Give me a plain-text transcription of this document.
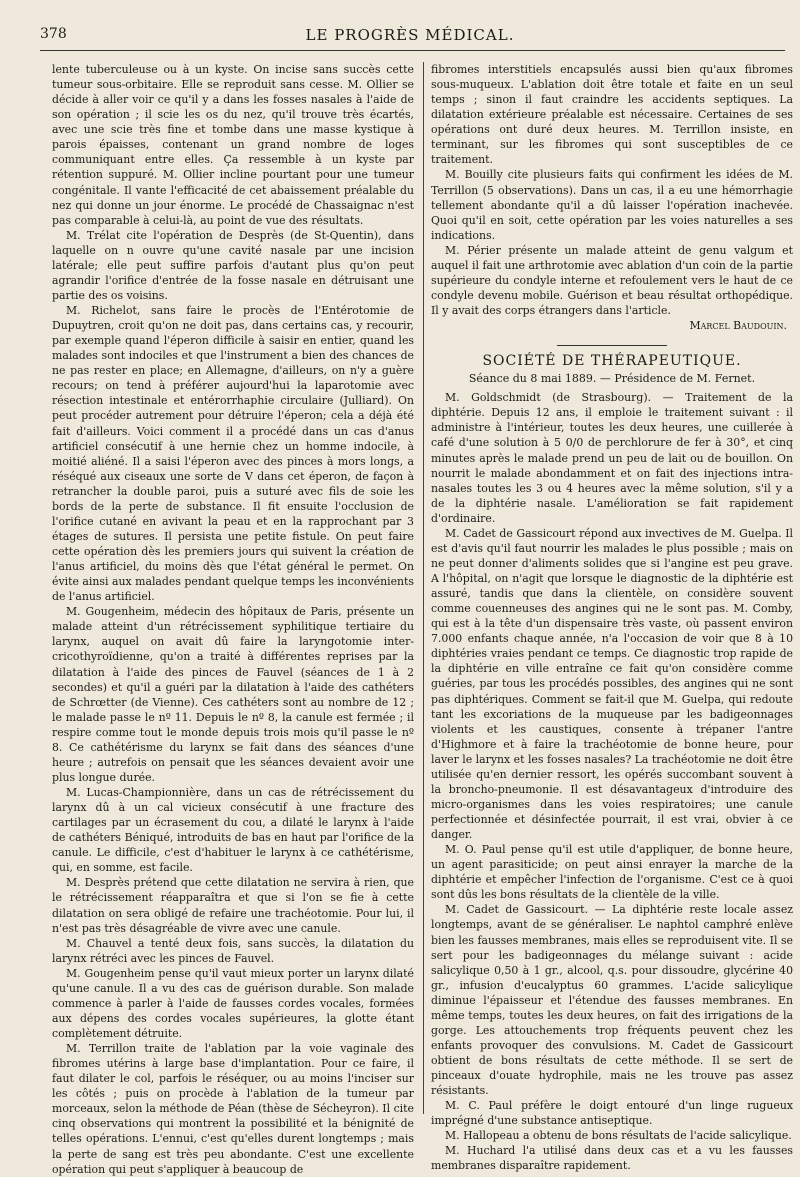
378	LE PROGRÈS MÉDICAL.

lente tuberculeuse ou à un kyste. On incise sans succès cette tumeur sous-orbitaire. Elle se reproduit sans cesse. M. Ollier se décide à aller voir ce qu'il y a dans les fosses nasales à l'aide de son opération ; il scie les os du nez, qu'il trouve très écartés, avec une scie très fine et tombe dans une masse kystique à parois épaisses, contenant un grand nombre de loges communiquant entre elles. Ça ressemble à un kyste par rétention suppuré. M. Ollier incline pourtant pour une tumeur congénitale. Il vante l'efficacité de cet abaissement préalable du nez qui donne un jour énorme. Le procédé de Chassaignac n'est pas comparable à celui-là, au point de vue des résultats.

M. Trélat cite l'opération de Desprès (de St-Quentin), dans laquelle on n ouvre qu'une cavité nasale par une incision latérale; elle peut suffire parfois d'autant plus qu'on peut agrandir l'orifice d'entrée de la fosse nasale en détruisant une partie des os voisins.

M. Richelot, sans faire le procès de l'Entérotomie de Dupuytren, croit qu'on ne doit pas, dans certains cas, y recourir, par exemple quand l'éperon difficile à saisir en entier, quand les malades sont indociles et que l'instrument a bien des chances de ne pas rester en place; en Allemagne, d'ailleurs, on n'y a guère recours; on tend à préférer aujourd'hui la laparotomie avec résection intestinale et entérorrhaphie circulaire (Julliard). On peut procéder autrement pour détruire l'éperon; cela a déjà été fait d'ailleurs. Voici comment il a procédé dans un cas d'anus artificiel consécutif à une hernie chez un homme indocile, à moitié aliéné. Il a saisi l'éperon avec des pinces à mors longs, a réséqué aux ciseaux une sorte de V dans cet éperon, de façon à retrancher la double paroi, puis a suturé avec fils de soie les bords de la perte de substance. Il fit ensuite l'occlusion de l'orifice cutané en avivant la peau et en la rapprochant par 3 étages de sutures. Il persista une petite fistule. On peut faire cette opération dès les premiers jours qui suivent la création de l'anus artificiel, du moins dès que l'état général le permet. On évite ainsi aux malades pendant quelque temps les inconvénients de l'anus artificiel.

M. Gougenheim, médecin des hôpitaux de Paris, présente un malade atteint d'un rétrécissement syphilitique tertiaire du larynx, auquel on avait dû faire la laryngotomie inter-cricothyroïdienne, qu'on a traité à différentes reprises par la dilatation à l'aide des pinces de Fauvel (séances de 1 à 2 secondes) et qu'il a guéri par la dilatation à l'aide des cathéters de Schrœtter (de Vienne). Ces cathéters sont au nombre de 12 ; le malade passe le nº 11. Depuis le nº 8, la canule est fermée ; il respire comme tout le monde depuis trois mois qu'il passe le nº 8. Ce cathétérisme du larynx se fait dans des séances d'une heure ; autrefois on pensait que les séances devaient avoir une plus longue durée.

M. Lucas-Championnière, dans un cas de rétrécissement du larynx dû à un cal vicieux consécutif à une fracture des cartilages par un écrasement du cou, a dilaté le larynx à l'aide de cathéters Béniqué, introduits de bas en haut par l'orifice de la canule. Le difficile, c'est d'habituer le larynx à ce cathétérisme, qui, en somme, est facile.

M. Desprès prétend que cette dilatation ne servira à rien, que le rétrécissement réapparaîtra et que si l'on se fie à cette dilatation on sera obligé de refaire une trachéotomie. Pour lui, il n'est pas très désagréable de vivre avec une canule.

M. Chauvel a tenté deux fois, sans succès, la dilatation du larynx rétréci avec les pinces de Fauvel.

M. Gougenheim pense qu'il vaut mieux porter un larynx dilaté qu'une canule. Il a vu des cas de guérison durable. Son malade commence à parler à l'aide de fausses cordes vocales, formées aux dépens des cordes vocales supérieures, la glotte étant complètement détruite.

M. Terrillon traite de l'ablation par la voie vaginale des fibromes utérins à large base d'implantation. Pour ce faire, il faut dilater le col, parfois le réséquer, ou au moins l'inciser sur les côtés ; puis on procède à l'ablation de la tumeur par morceaux, selon la méthode de Péan (thèse de Sécheyron). Il cite cinq observations qui montrent la possibilité et la bénignité de telles opérations. L'ennui, c'est qu'elles durent longtemps ; mais la perte de sang est très peu abondante. C'est une excellente opération qui peut s'appliquer à beaucoup de

fibromes interstitiels encapsulés aussi bien qu'aux fibromes sous-muqueux. L'ablation doit être totale et faite en un seul temps ; sinon il faut craindre les accidents septiques. La dilatation extérieure préalable est nécessaire. Certaines de ses opérations ont duré deux heures. M. Terrillon insiste, en terminant, sur les fibromes qui sont susceptibles de ce traitement.

M. Bouilly cite plusieurs faits qui confirment les idées de M. Terrillon (5 observations). Dans un cas, il a eu une hémorrhagie tellement abondante qu'il a dû laisser l'opération inachevée. Quoi qu'il en soit, cette opération par les voies naturelles a ses indications.

M. Périer présente un malade atteint de genu valgum et auquel il fait une arthrotomie avec ablation d'un coin de la partie supérieure du condyle interne et refoulement vers le haut de ce condyle devenu mobile. Guérison et beau résultat orthopédique. Il y avait des corps étrangers dans l'article.

Marcel Baudouin.

SOCIÉTÉ DE THÉRAPEUTIQUE.
Séance du 8 mai 1889. — Présidence de M. Fernet.

M. Goldschmidt (de Strasbourg). — Traitement de la diphtérie. Depuis 12 ans, il emploie le traitement suivant : il administre à l'intérieur, toutes les deux heures, une cuillerée à café d'une solution à 5 0/0 de perchlorure de fer à 30°, et cinq minutes après le malade prend un peu de lait ou de bouillon. On nourrit le malade abondamment et on fait des injections intra-nasales toutes les 3 ou 4 heures avec la même solution, s'il y a de la diphtérie nasale. L'amélioration se fait rapidement d'ordinaire.

M. Cadet de Gassicourt répond aux invectives de M. Guelpa. Il est d'avis qu'il faut nourrir les malades le plus possible ; mais on ne peut donner d'aliments solides que si l'angine est peu grave. A l'hôpital, on n'agit que lorsque le diagnostic de la diphtérie est assuré, tandis que dans la clientèle, on considère souvent comme couenneuses des angines qui ne le sont pas. M. Comby, qui est à la tête d'un dispensaire très vaste, où passent environ 7.000 enfants chaque année, n'a l'occasion de voir que 8 à 10 diphtéries vraies pendant ce temps. Ce diagnostic trop rapide de la diphtérie en ville entraîne ce fait qu'on considère comme guéries, par tous les procédés possibles, des angines qui ne sont pas diphtériques. Comment se fait-il que M. Guelpa, qui redoute tant les excoriations de la muqueuse par les badigeonnages violents et les caustiques, consente à trépaner l'antre d'Highmore et à faire la trachéotomie de bonne heure, pour laver le larynx et les fosses nasales? La trachéotomie ne doit être utilisée qu'en dernier ressort, les opérés succombant souvent à la broncho-pneumonie. Il est désavantageux d'introduire des micro-organismes dans les voies respiratoires; une canule perfectionnée et désinfectée pourrait, il est vrai, obvier à ce danger.

M. O. Paul pense qu'il est utile d'appliquer, de bonne heure, un agent parasiticide; on peut ainsi enrayer la marche de la diphtérie et empêcher l'infection de l'organisme. C'est ce à quoi sont dûs les bons résultats de la clientèle de la ville.

M. Cadet de Gassicourt. — La diphtérie reste locale assez longtemps, avant de se généraliser. Le naphtol camphré enlève bien les fausses membranes, mais elles se reproduisent vite. Il se sert pour les badigeonnages du mélange suivant : acide salicylique 0,50 à 1 gr., alcool, q.s. pour dissoudre, glycérine 40 gr., infusion d'eucalyptus 60 grammes. L'acide salicylique diminue l'épaisseur et l'étendue des fausses membranes. En même temps, toutes les deux heures, on fait des irrigations de la gorge. Les attouchements trop fréquents peuvent chez les enfants provoquer des convulsions. M. Cadet de Gassicourt obtient de bons résultats de cette méthode. Il se sert de pinceaux d'ouate hydrophile, mais ne les trouve pas assez résistants.

M. C. Paul préfère le doigt entouré d'un linge rugueux imprégné d'une substance antiseptique.

M. Hallopeau a obtenu de bons résultats de l'acide salicylique.

M. Huchard l'a utilisé dans deux cas et a vu les fausses membranes disparaître rapidement.
